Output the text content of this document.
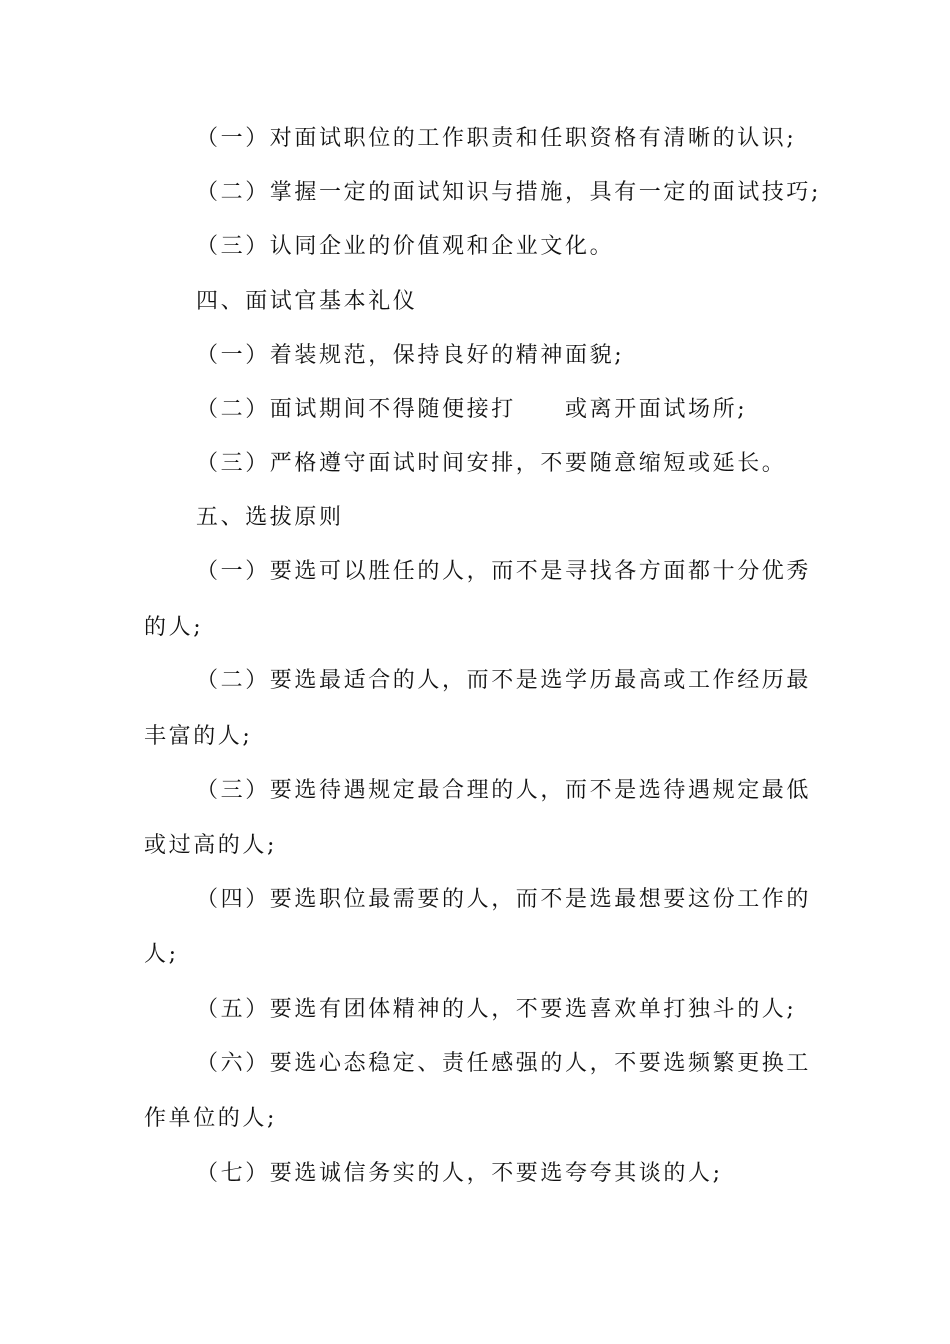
（一）对面试职位的工作职责和任职资格有清晰的认识;
（二）掌握一定的面试知识与措施，具有一定的面试技巧;
（三）认同企业的价值观和企业文化。
四、面试官基本礼仪
（一）着装规范，保持良好的精神面貌;
（二）面试期间不得随便接打　　或离开面试场所;
（三）严格遵守面试时间安排，不要随意缩短或延长。
五、选拔原则
（一）要选可以胜任的人，而不是寻找各方面都十分优秀
的人;
（二）要选最适合的人，而不是选学历最高或工作经历最
丰富的人;
（三）要选待遇规定最合理的人，而不是选待遇规定最低
或过高的人;
（四）要选职位最需要的人，而不是选最想要这份工作的
人;
（五）要选有团体精神的人，不要选喜欢单打独斗的人;
（六）要选心态稳定、责任感强的人，不要选频繁更换工
作单位的人;
（七）要选诚信务实的人，不要选夸夸其谈的人;
